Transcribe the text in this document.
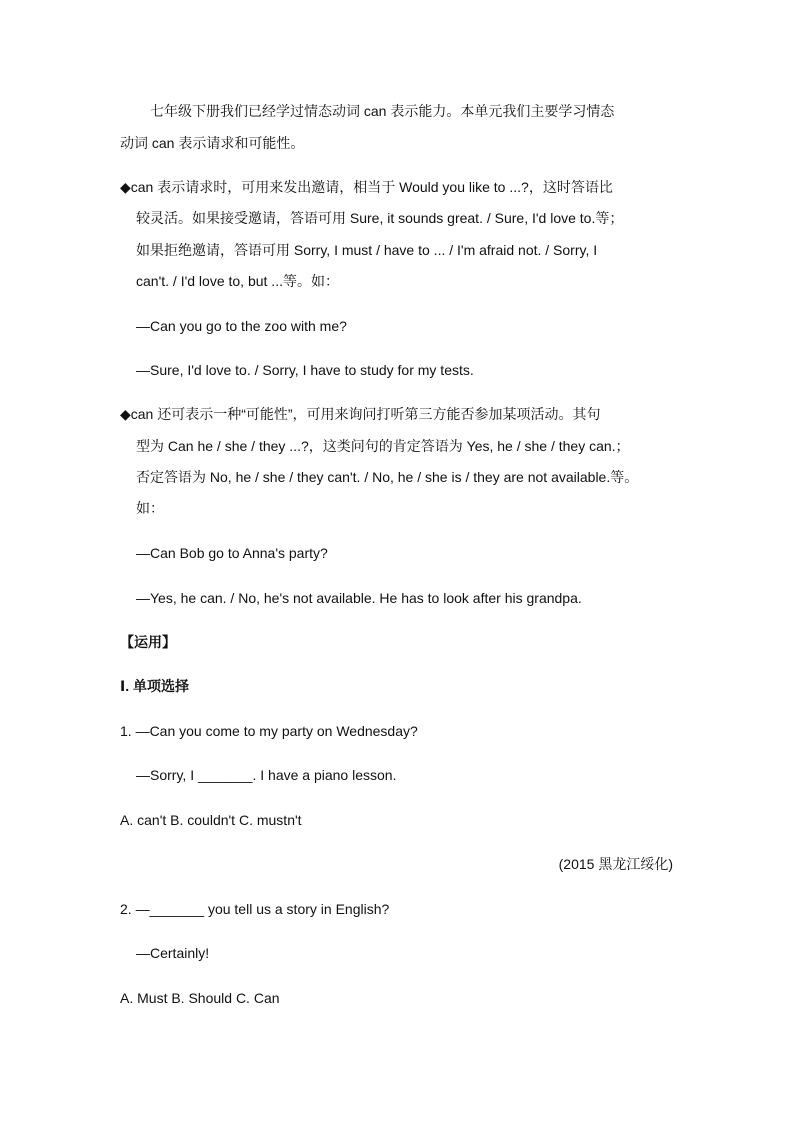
七年级下册我们已经学过情态动词 can 表示能力。本单元我们主要学习情态
动词 can 表示请求和可能性。
◆can 表示请求时，可用来发出邀请，相当于 Would you like to ...?，这时答语比
较灵活。如果接受邀请，答语可用 Sure, it sounds great. / Sure, I'd love to.等；
如果拒绝邀请，答语可用 Sorry, I must / have to ... / I'm afraid not. / Sorry, I
can't. / I'd love to, but ...等。如：
—Can you go to the zoo with me?
—Sure, I'd love to. / Sorry, I have to study for my tests.
◆can 还可表示一种“可能性”，可用来询问打听第三方能否参加某项活动。其句
型为 Can he / she / they ...?，这类问句的肯定答语为 Yes, he / she / they can.；
否定答语为 No, he / she / they can't. / No, he / she is / they are not available.等。
如：
—Can Bob go to Anna's party?
—Yes, he can. / No, he's not available. He has to look after his grandpa.
【运用】
Ⅰ. 单项选择
1. —Can you come to my party on Wednesday?
—Sorry, I _______. I have a piano lesson.
A. can't B. couldn't C. mustn't
(2015 黑龙江绥化)
2. —_______ you tell us a story in English?
—Certainly!
A. Must B. Should C. Can
